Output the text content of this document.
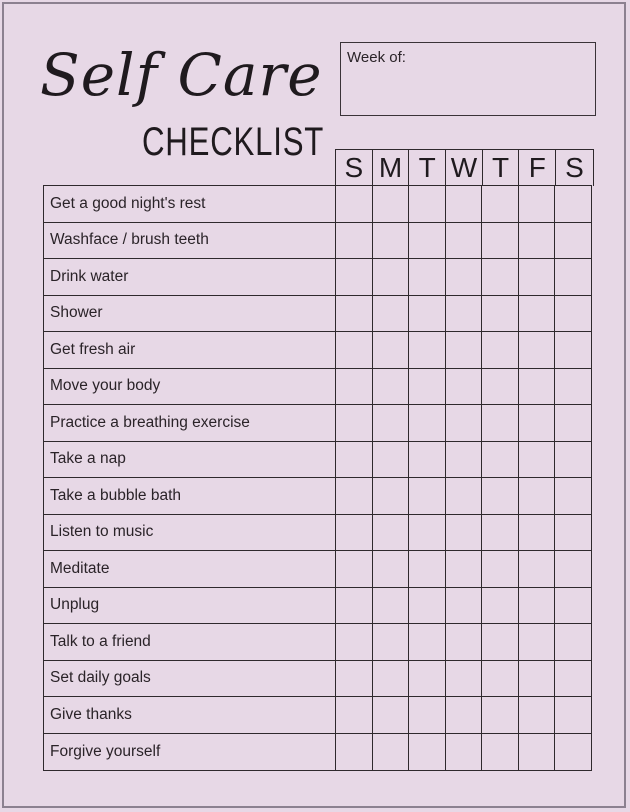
Self Care
CHECKLIST
Week of:
S M T W T F S
Get a good night's rest
Washface / brush teeth
Drink water
Shower
Get fresh air
Move your body
Practice a breathing exercise
Take a nap
Take a bubble bath
Listen to music
Meditate
Unplug
Talk to a friend
Set daily goals
Give thanks
Forgive yourself
